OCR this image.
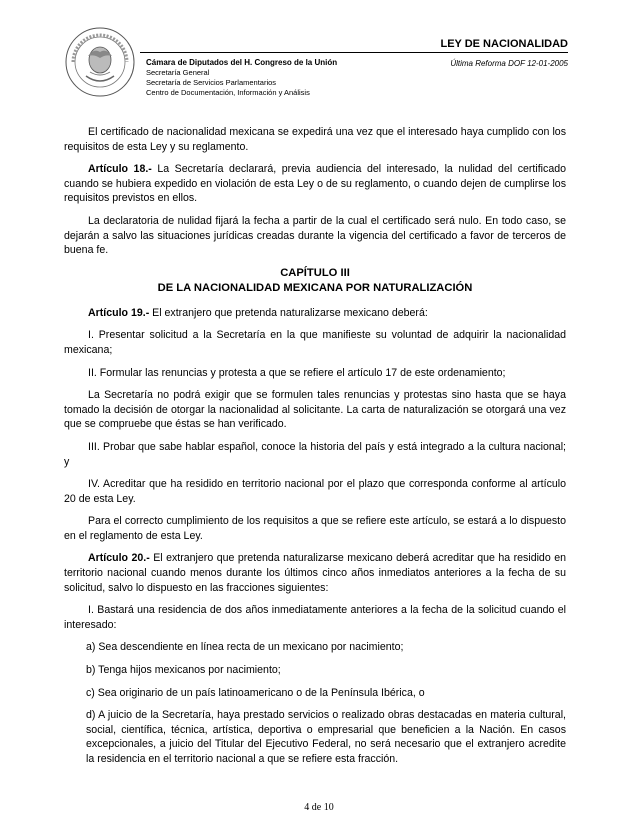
LEY DE NACIONALIDAD
Cámara de Diputados del H. Congreso de la Unión
Secretaría General
Secretaría de Servicios Parlamentarios
Centro de Documentación, Información y Análisis
Última Reforma DOF 12-01-2005

El certificado de nacionalidad mexicana se expedirá una vez que el interesado haya cumplido con los requisitos de esta Ley y su reglamento.

Artículo 18.- La Secretaría declarará, previa audiencia del interesado, la nulidad del certificado cuando se hubiera expedido en violación de esta Ley o de su reglamento, o cuando dejen de cumplirse los requisitos previstos en ellos.

La declaratoria de nulidad fijará la fecha a partir de la cual el certificado será nulo. En todo caso, se dejarán a salvo las situaciones jurídicas creadas durante la vigencia del certificado a favor de terceros de buena fe.

CAPÍTULO III
DE LA NACIONALIDAD MEXICANA POR NATURALIZACIÓN

Artículo 19.- El extranjero que pretenda naturalizarse mexicano deberá:

I. Presentar solicitud a la Secretaría en la que manifieste su voluntad de adquirir la nacionalidad mexicana;

II. Formular las renuncias y protesta a que se refiere el artículo 17 de este ordenamiento;

La Secretaría no podrá exigir que se formulen tales renuncias y protestas sino hasta que se haya tomado la decisión de otorgar la nacionalidad al solicitante. La carta de naturalización se otorgará una vez que se compruebe que éstas se han verificado.

III. Probar que sabe hablar español, conoce la historia del país y está integrado a la cultura nacional; y

IV. Acreditar que ha residido en territorio nacional por el plazo que corresponda conforme al artículo 20 de esta Ley.

Para el correcto cumplimiento de los requisitos a que se refiere este artículo, se estará a lo dispuesto en el reglamento de esta Ley.

Artículo 20.- El extranjero que pretenda naturalizarse mexicano deberá acreditar que ha residido en territorio nacional cuando menos durante los últimos cinco años inmediatos anteriores a la fecha de su solicitud, salvo lo dispuesto en las fracciones siguientes:

I. Bastará una residencia de dos años inmediatamente anteriores a la fecha de la solicitud cuando el interesado:

a) Sea descendiente en línea recta de un mexicano por nacimiento;

b) Tenga hijos mexicanos por nacimiento;

c) Sea originario de un país latinoamericano o de la Península Ibérica, o

d) A juicio de la Secretaría, haya prestado servicios o realizado obras destacadas en materia cultural, social, científica, técnica, artística, deportiva o empresarial que beneficien a la Nación. En casos excepcionales, a juicio del Titular del Ejecutivo Federal, no será necesario que el extranjero acredite la residencia en el territorio nacional a que se refiere esta fracción.

4 de 10
